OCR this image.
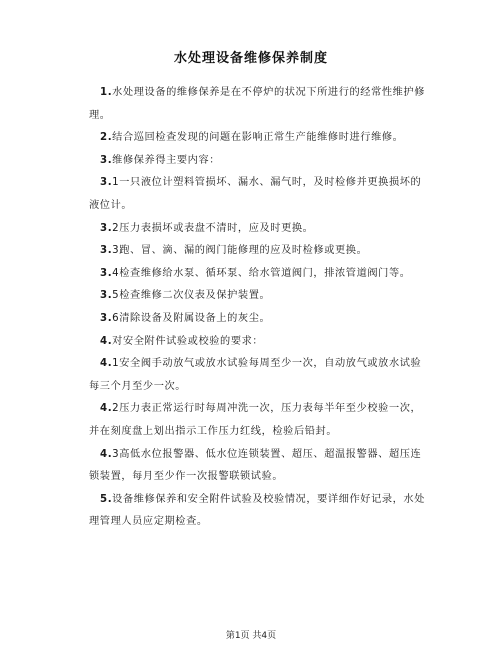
水处理设备维修保养制度

1.水处理设备的维修保养是在不停炉的状况下所进行的经常性维护修理。

2.结合巡回检查发现的问题在影响正常生产能维修时进行维修。

3.维修保养得主要内容：

3.1一只液位计塑料管损坏、漏水、漏气时，及时检修并更换损坏的液位计。

3.2压力表损坏或表盘不清时，应及时更换。

3.3跑、冒、滴、漏的阀门能修理的应及时检修或更换。

3.4检查维修给水泵、循环泵、给水管道阀门，排浓管道阀门等。

3.5检查维修二次仪表及保护装置。

3.6清除设备及附属设备上的灰尘。

4.对安全附件试验或校验的要求：

4.1安全阀手动放气或放水试验每周至少一次，自动放气或放水试验每三个月至少一次。

4.2压力表正常运行时每周冲洗一次，压力表每半年至少校验一次，并在刻度盘上划出指示工作压力红线，检验后铅封。

4.3高低水位报警器、低水位连锁装置、超压、超温报警器、超压连锁装置，每月至少作一次报警联锁试验。

5.设备维修保养和安全附件试验及校验情况，要详细作好记录，水处理管理人员应定期检查。

第1页 共4页
